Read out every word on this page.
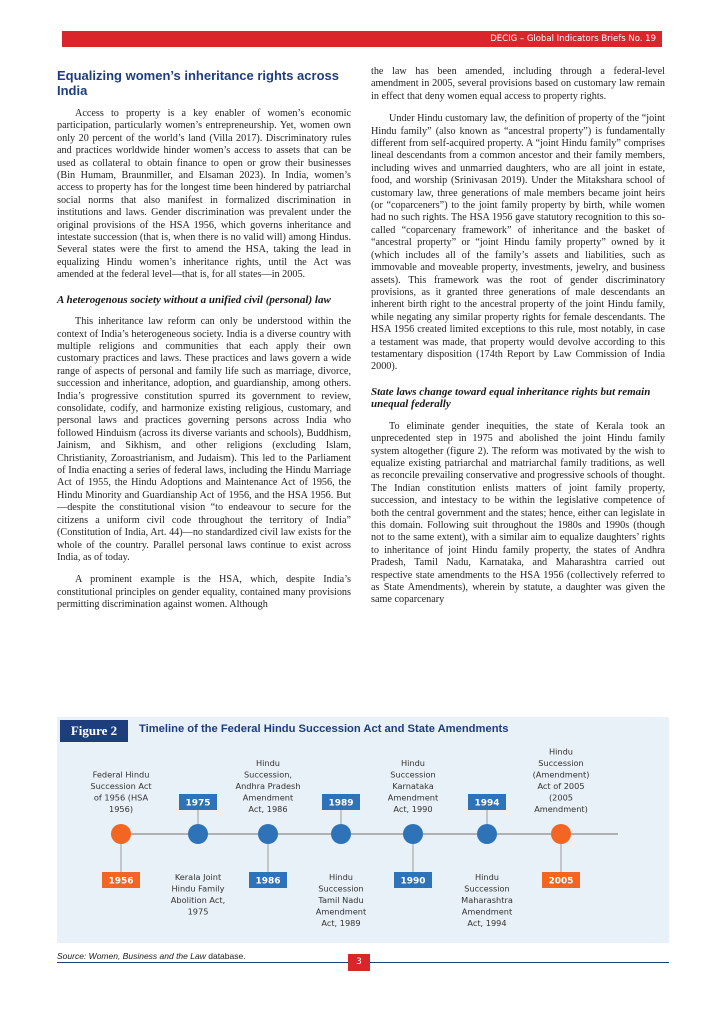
DECIG – Global Indicators Briefs No. 19
Equalizing women’s inheritance rights across India

Access to property is a key enabler of women’s economic participation, particularly women’s entrepreneurship. Yet, women own only 20 percent of the world’s land (Villa 2017). Discriminatory rules and practices worldwide hinder women’s access to assets that can be used as collateral to obtain finance to open or grow their businesses (Bin Humam, Braunmiller, and Elsaman 2023). In India, women’s access to property has for the longest time been hindered by patriarchal social norms that also manifest in formalized discrimination in institutions and laws. Gender discrimination was prevalent under the original provisions of the HSA 1956, which governs inheritance and intestate succession (that is, when there is no valid will) among Hindus. Several states were the first to amend the HSA, taking the lead in equalizing Hindu women’s inheritance rights, until the Act was amended at the federal level—that is, for all states—in 2005.

A heterogenous society without a unified civil (personal) law

This inheritance law reform can only be understood within the context of India’s heterogeneous society. India is a diverse country with multiple religions and communities that each apply their own customary practices and laws. These practices and laws govern a wide range of aspects of personal and family life such as marriage, divorce, succession and inheritance, adoption, and guardianship, among others. India’s progressive constitution spurred its government to review, consolidate, codify, and harmonize existing religious, customary, and personal laws and practices governing persons across India who followed Hinduism (across its diverse variants and schools), Buddhism, Jainism, and Sikhism, and other religions (excluding Islam, Christianity, Zoroastrianism, and Judaism). This led to the Parliament of India enacting a series of federal laws, including the Hindu Marriage Act of 1955, the Hindu Adoptions and Maintenance Act of 1956, the Hindu Minority and Guardianship Act of 1956, and the HSA 1956. But—despite the constitutional vision “to endeavour to secure for the citizens a uniform civil code throughout the territory of India” (Constitution of India, Art. 44)—no standardized civil law exists for the whole of the country. Parallel personal laws continue to exist across India, as of today.

A prominent example is the HSA, which, despite India’s constitutional principles on gender equality, contained many provisions permitting discrimination against women. Although

the law has been amended, including through a federal-level amendment in 2005, several provisions based on customary law remain in effect that deny women equal access to property rights.

Under Hindu customary law, the definition of property of the “joint Hindu family” (also known as “ancestral property”) is fundamentally different from self-acquired property. A “joint Hindu family” comprises lineal descendants from a common ancestor and their family members, including wives and unmarried daughters, who are all joint in estate, food, and worship (Srinivasan 2019). Under the Mitakshara school of customary law, three generations of male members became joint heirs (or “coparceners”) to the joint family property by birth, while women had no such rights. The HSA 1956 gave statutory recognition to this so-called “coparcenary framework” of inheritance and the basket of “ancestral property” or “joint Hindu family property” owned by it (which includes all of the family’s assets and liabilities, such as immovable and moveable property, investments, jewelry, and business assets). This framework was the root of gender discriminatory provisions, as it granted three generations of male descendants an inherent birth right to the ancestral property of the joint Hindu family, while negating any similar property rights for female descendants. The HSA 1956 created limited exceptions to this rule, most notably, in case a testament was made, that property would devolve according to this testamentary disposition (174th Report by Law Commission of India 2000).

State laws change toward equal inheritance rights but remain unequal federally

To eliminate gender inequities, the state of Kerala took an unprecedented step in 1975 and abolished the joint Hindu family system altogether (figure 2). The reform was motivated by the wish to equalize existing patriarchal and matriarchal family traditions, as well as reconcile prevailing conservative and progressive schools of thought. The Indian constitution enlists matters of joint family property, succession, and intestacy to be within the legislative competence of both the central government and the states; hence, either can legislate in this domain. Following suit throughout the 1980s and 1990s (though not to the same extent), with a similar aim to equalize daughters’ rights to inheritance of joint Hindu family property, the states of Andhra Pradesh, Tamil Nadu, Karnataka, and Maharashtra carried out respective state amendments to the HSA 1956 (collectively referred to as State Amendments), wherein by statute, a daughter was given the same coparcenary

Figure 2	Timeline of the Federal Hindu Succession Act and State Amendments
1956
Federal Hindu
Succession Act
of 1956 (HSA
1956)
1975
Kerala Joint
Hindu Family
Abolition Act,
1975
1986
Hindu
Succession,
Andhra Pradesh
Amendment
Act, 1986
1989
Hindu
Succession
Tamil Nadu
Amendment
Act, 1989
1990
Hindu
Succession
Karnataka
Amendment
Act, 1990
1994
Hindu
Succession
Maharashtra
Amendment
Act, 1994
2005
Hindu
Succession
(Amendment)
Act of 2005
(2005
Amendment)
Source: Women, Business and the Law database.
3
